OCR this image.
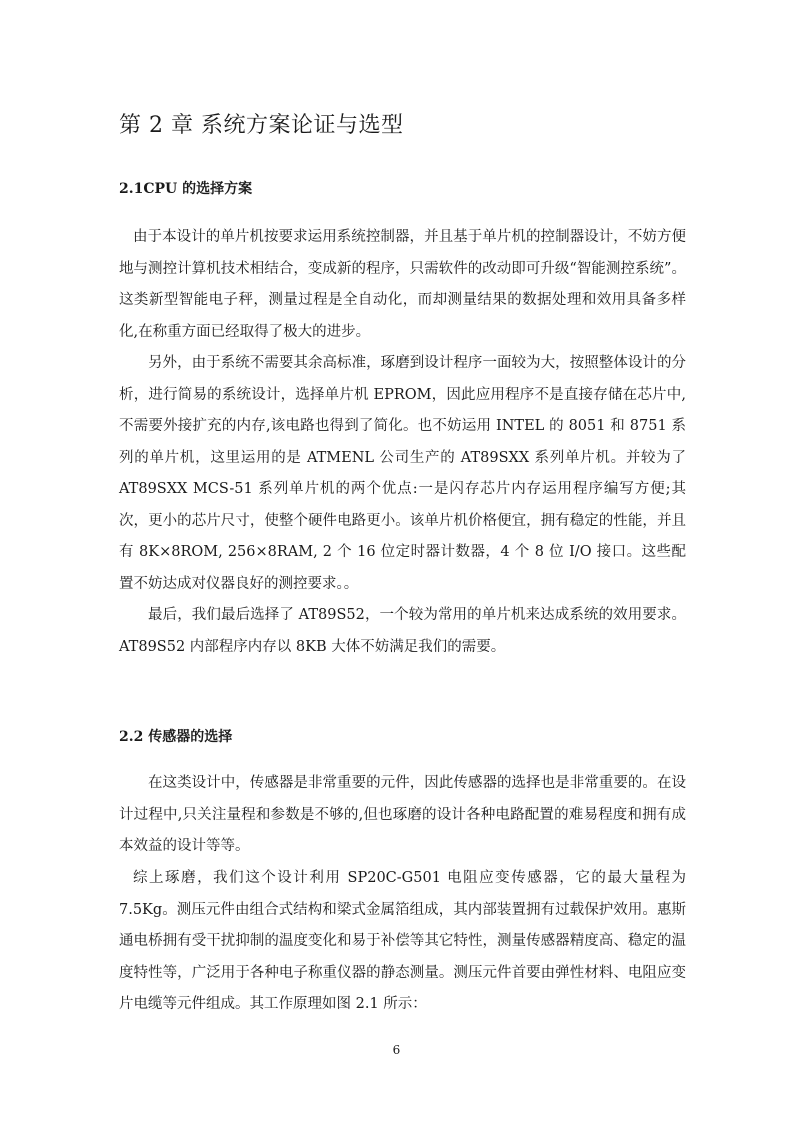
第 2 章 系统方案论证与选型
2.1CPU 的选择方案

由于本设计的单片机按要求运用系统控制器，并且基于单片机的控制器设计，不妨方便地与测控计算机技术相结合，变成新的程序，只需软件的改动即可升级“智能测控系统”。这类新型智能电子秤，测量过程是全自动化，而却测量结果的数据处理和效用具备多样化,在称重方面已经取得了极大的进步。

另外，由于系统不需要其余高标准，琢磨到设计程序一面较为大，按照整体设计的分析，进行简易的系统设计，选择单片机 EPROM，因此应用程序不是直接存储在芯片中,不需要外接扩充的内存,该电路也得到了简化。也不妨运用 INTEL 的 8051 和 8751 系列的单片机，这里运用的是 ATMENL 公司生产的 AT89SXX 系列单片机。并较为了 AT89SXX MCS-51 系列单片机的两个优点:一是闪存芯片内存运用程序编写方便;其次，更小的芯片尺寸，使整个硬件电路更小。该单片机价格便宜，拥有稳定的性能，并且有 8K×8ROM, 256×8RAM, 2 个 16 位定时器计数器，4 个 8 位 I/O 接口。这些配置不妨达成对仪器良好的测控要求。。

最后，我们最后选择了 AT89S52，一个较为常用的单片机来达成系统的效用要求。AT89S52 内部程序内存以 8KB 大体不妨满足我们的需要。

2.2 传感器的选择

在这类设计中，传感器是非常重要的元件，因此传感器的选择也是非常重要的。在设计过程中,只关注量程和参数是不够的,但也琢磨的设计各种电路配置的难易程度和拥有成本效益的设计等等。

综上琢磨，我们这个设计利用 SP20C-G501 电阻应变传感器，它的最大量程为 7.5Kg。测压元件由组合式结构和梁式金属箔组成，其内部装置拥有过载保护效用。惠斯通电桥拥有受干扰抑制的温度变化和易于补偿等其它特性，测量传感器精度高、稳定的温度特性等，广泛用于各种电子称重仪器的静态测量。测压元件首要由弹性材料、电阻应变片电缆等元件组成。其工作原理如图 2.1 所示：

6
